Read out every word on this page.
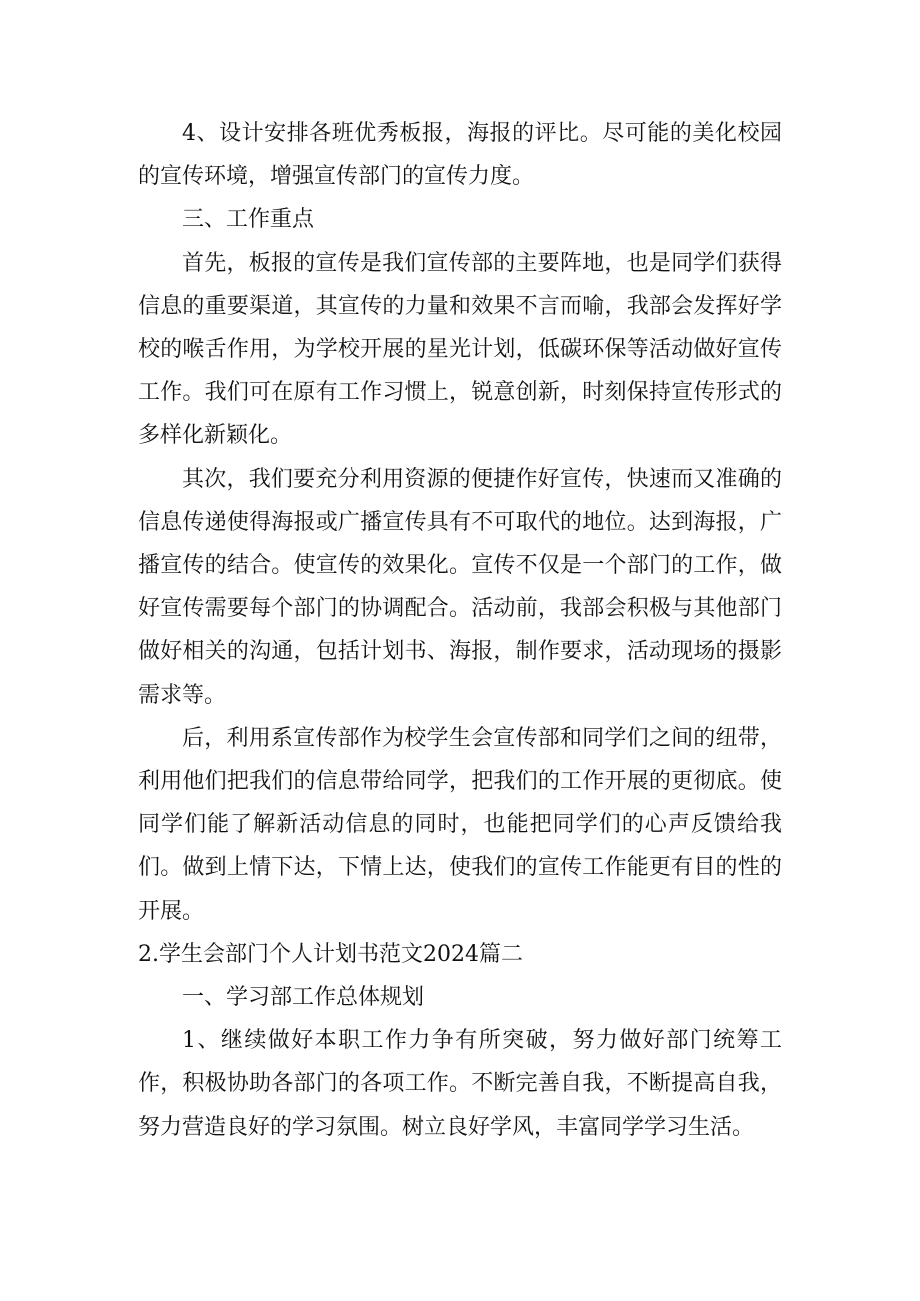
4、设计安排各班优秀板报，海报的评比。尽可能的美化校园的宣传环境，增强宣传部门的宣传力度。

三、工作重点

首先，板报的宣传是我们宣传部的主要阵地，也是同学们获得信息的重要渠道，其宣传的力量和效果不言而喻，我部会发挥好学校的喉舌作用，为学校开展的星光计划，低碳环保等活动做好宣传工作。我们可在原有工作习惯上，锐意创新，时刻保持宣传形式的多样化新颖化。

其次，我们要充分利用资源的便捷作好宣传，快速而又准确的信息传递使得海报或广播宣传具有不可取代的地位。达到海报，广播宣传的结合。使宣传的效果化。宣传不仅是一个部门的工作，做好宣传需要每个部门的协调配合。活动前，我部会积极与其他部门做好相关的沟通，包括计划书、海报，制作要求，活动现场的摄影需求等。

后，利用系宣传部作为校学生会宣传部和同学们之间的纽带，利用他们把我们的信息带给同学，把我们的工作开展的更彻底。使同学们能了解新活动信息的同时，也能把同学们的心声反馈给我们。做到上情下达，下情上达，使我们的宣传工作能更有目的性的开展。

2.学生会部门个人计划书范文2024篇二

一、学习部工作总体规划

1、继续做好本职工作力争有所突破，努力做好部门统筹工作，积极协助各部门的各项工作。不断完善自我，不断提高自我，努力营造良好的学习氛围。树立良好学风，丰富同学学习生活。
